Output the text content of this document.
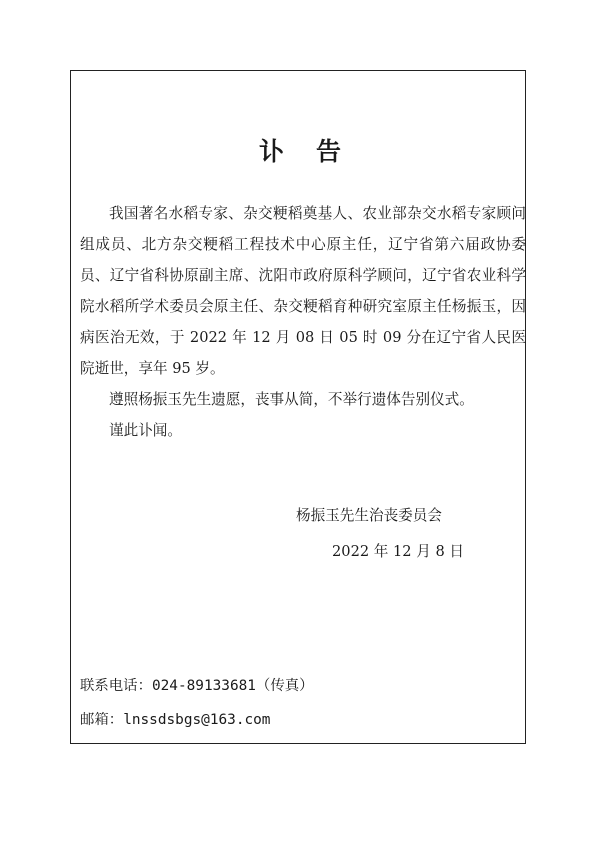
讣告
我国著名水稻专家、杂交粳稻奠基人、农业部杂交水稻专家顾问组成员、北方杂交粳稻工程技术中心原主任，辽宁省第六届政协委员、辽宁省科协原副主席、沈阳市政府原科学顾问，辽宁省农业科学院水稻所学术委员会原主任、杂交粳稻育种研究室原主任杨振玉，因病医治无效，于 2022 年 12 月 08 日 05 时 09 分在辽宁省人民医院逝世，享年 95 岁。
遵照杨振玉先生遗愿，丧事从简，不举行遗体告别仪式。
谨此讣闻。
杨振玉先生治丧委员会
2022 年 12 月 8 日
联系电话：024-89133681（传真）
邮箱：lnssdsbgs@163.com
